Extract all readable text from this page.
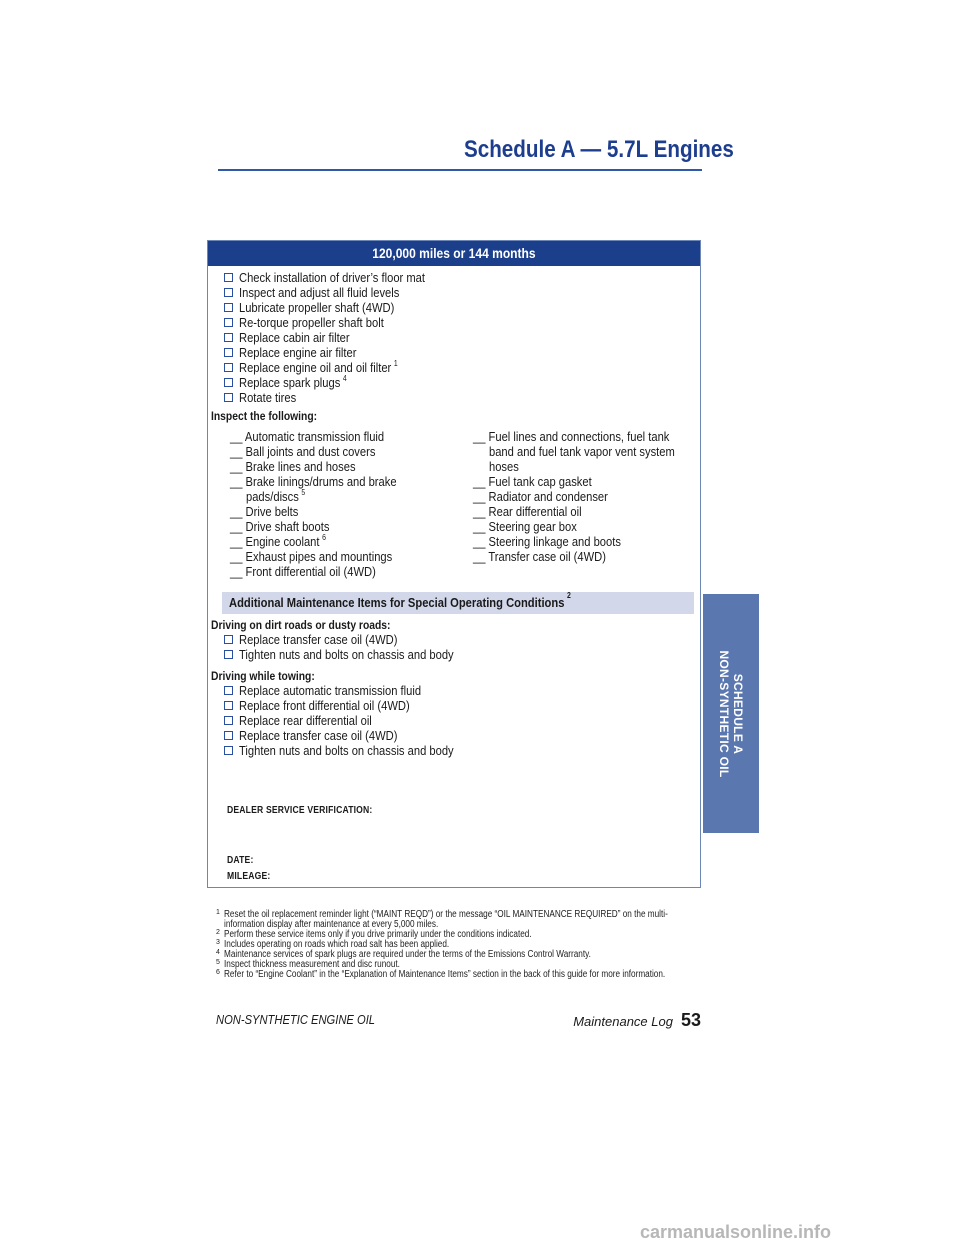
Schedule A — 5.7L Engines
120,000 miles or 144 months
Check installation of driver’s floor mat
Inspect and adjust all fluid levels
Lubricate propeller shaft (4WD)
Re-torque propeller shaft bolt
Replace cabin air filter
Replace engine air filter
Replace engine oil and oil filter $^1$
Replace spark plugs $^4$
Rotate tires
Inspect the following:
__ Automatic transmission fluid
__ Ball joints and dust covers
__ Brake lines and hoses
__ Brake linings/drums and brake
pads/discs $^5$
__ Drive belts
__ Drive shaft boots
__ Engine coolant $^6$
__ Exhaust pipes and mountings
__ Front differential oil (4WD)
__ Fuel lines and connections, fuel tank
band and fuel tank vapor vent system
hoses
__ Fuel tank cap gasket
__ Radiator and condenser
__ Rear differential oil
__ Steering gear box
__ Steering linkage and boots
__ Transfer case oil (4WD)
Additional Maintenance Items for Special Operating Conditions $^2$
Driving on dirt roads or dusty roads:
Replace transfer case oil (4WD)
Tighten nuts and bolts on chassis and body
Driving while towing:
Replace automatic transmission fluid
Replace front differential oil (4WD)
Replace rear differential oil
Replace transfer case oil (4WD)
Tighten nuts and bolts on chassis and body
DEALER SERVICE VERIFICATION:
DATE:
MILEAGE:
1 Reset the oil replacement reminder light (“MAINT REQD”) or the message “OIL MAINTENANCE REQUIRED” on the multi-information display after maintenance at every 5,000 miles.
2 Perform these service items only if you drive primarily under the conditions indicated.
3 Includes operating on roads which road salt has been applied.
4 Maintenance services of spark plugs are required under the terms of the Emissions Control Warranty.
5 Inspect thickness measurement and disc runout.
6 Refer to “Engine Coolant” in the “Explanation of Maintenance Items” section in the back of this guide for more information.
NON-SYNTHETIC ENGINE OIL	Maintenance Log 53
SCHEDULE A
NON-SYNTHETIC OIL
carmanualsonline.info
